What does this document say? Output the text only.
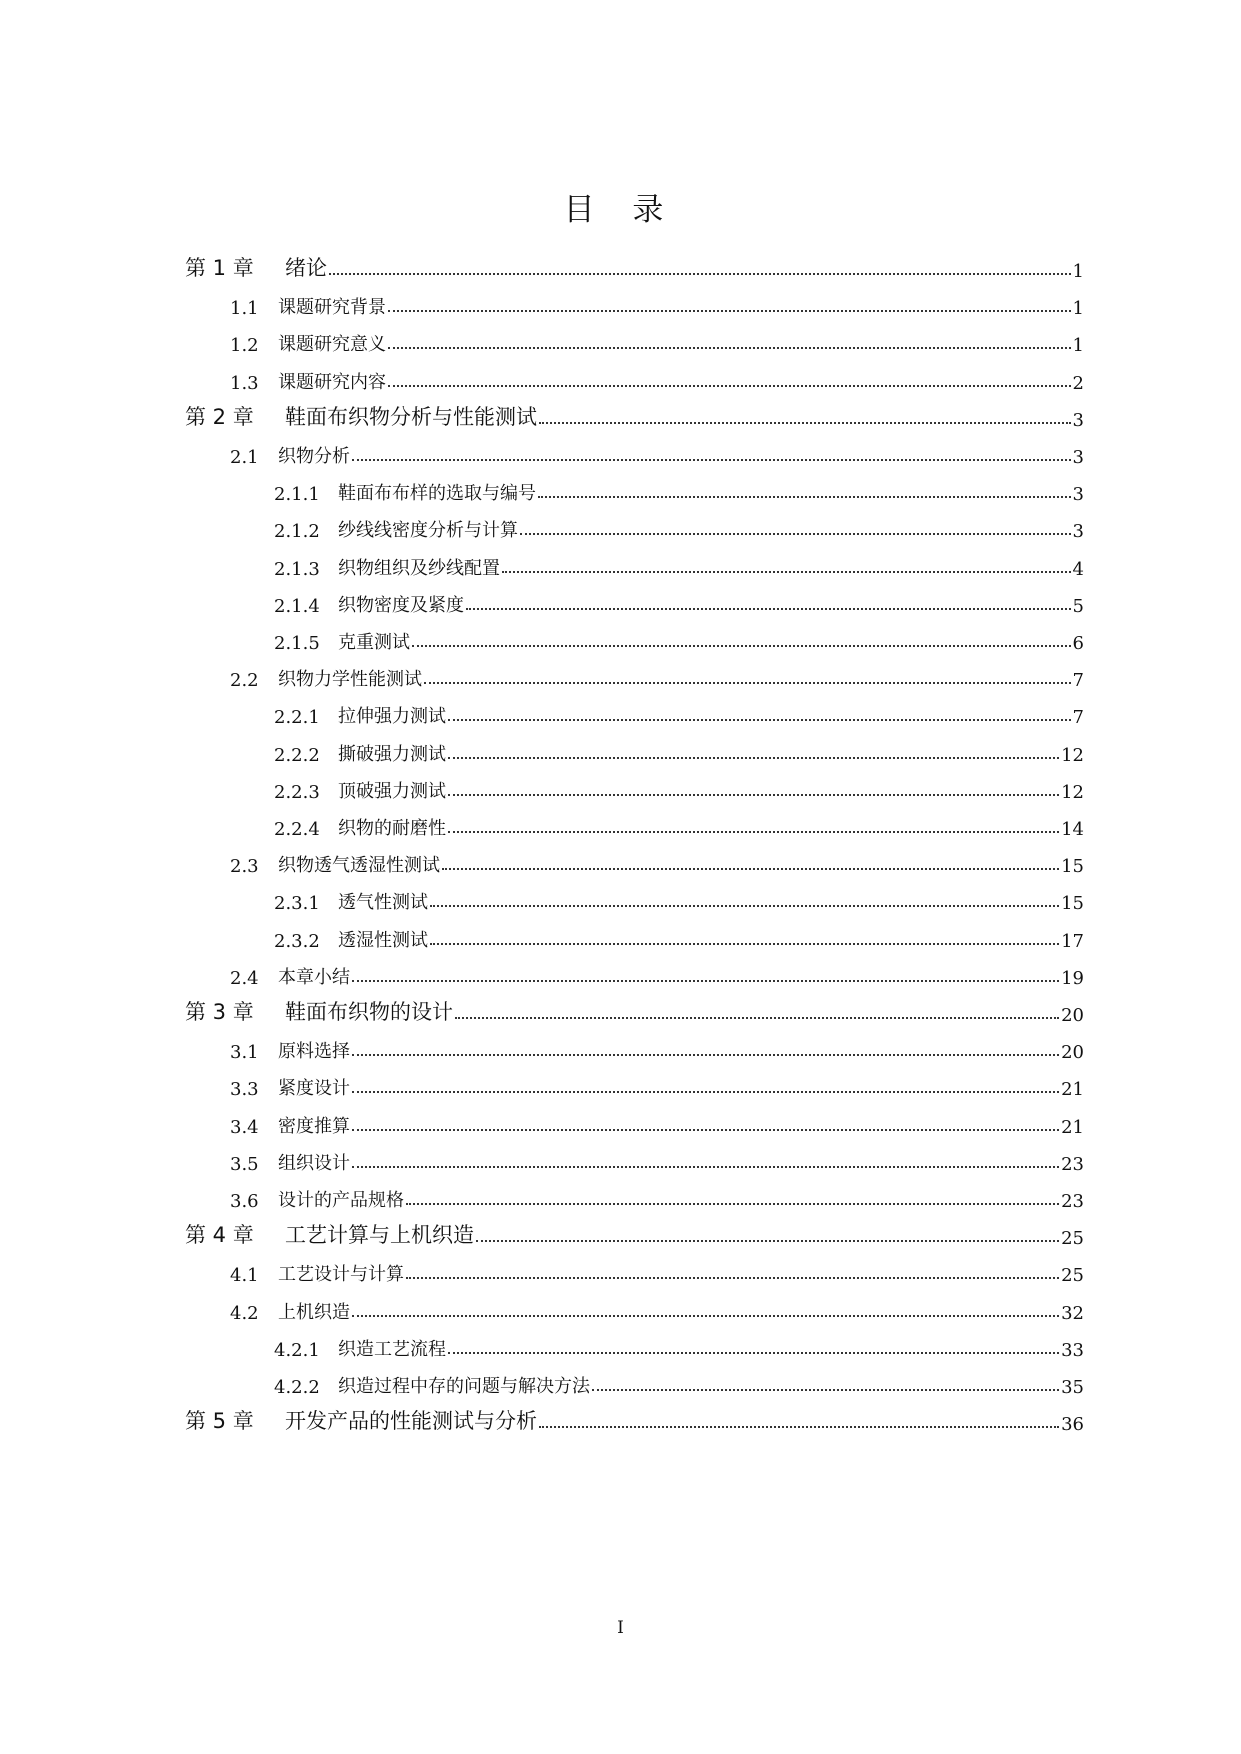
目 录
第 1 章	绪论	1
1.1	课题研究背景	1
1.2	课题研究意义	1
1.3	课题研究内容	2
第 2 章	鞋面布织物分析与性能测试	3
2.1	织物分析	3
2.1.1	鞋面布布样的选取与编号	3
2.1.2	纱线线密度分析与计算	3
2.1.3	织物组织及纱线配置	4
2.1.4	织物密度及紧度	5
2.1.5	克重测试	6
2.2	织物力学性能测试	7
2.2.1	拉伸强力测试	7
2.2.2	撕破强力测试	12
2.2.3	顶破强力测试	12
2.2.4	织物的耐磨性	14
2.3	织物透气透湿性测试	15
2.3.1	透气性测试	15
2.3.2	透湿性测试	17
2.4	本章小结	19
第 3 章	鞋面布织物的设计	20
3.1	原料选择	20
3.3	紧度设计	21
3.4	密度推算	21
3.5	组织设计	23
3.6	设计的产品规格	23
第 4 章	工艺计算与上机织造	25
4.1	工艺设计与计算	25
4.2	上机织造	32
4.2.1	织造工艺流程	33
4.2.2	织造过程中存的问题与解决方法	35
第 5 章	开发产品的性能测试与分析	36
I
